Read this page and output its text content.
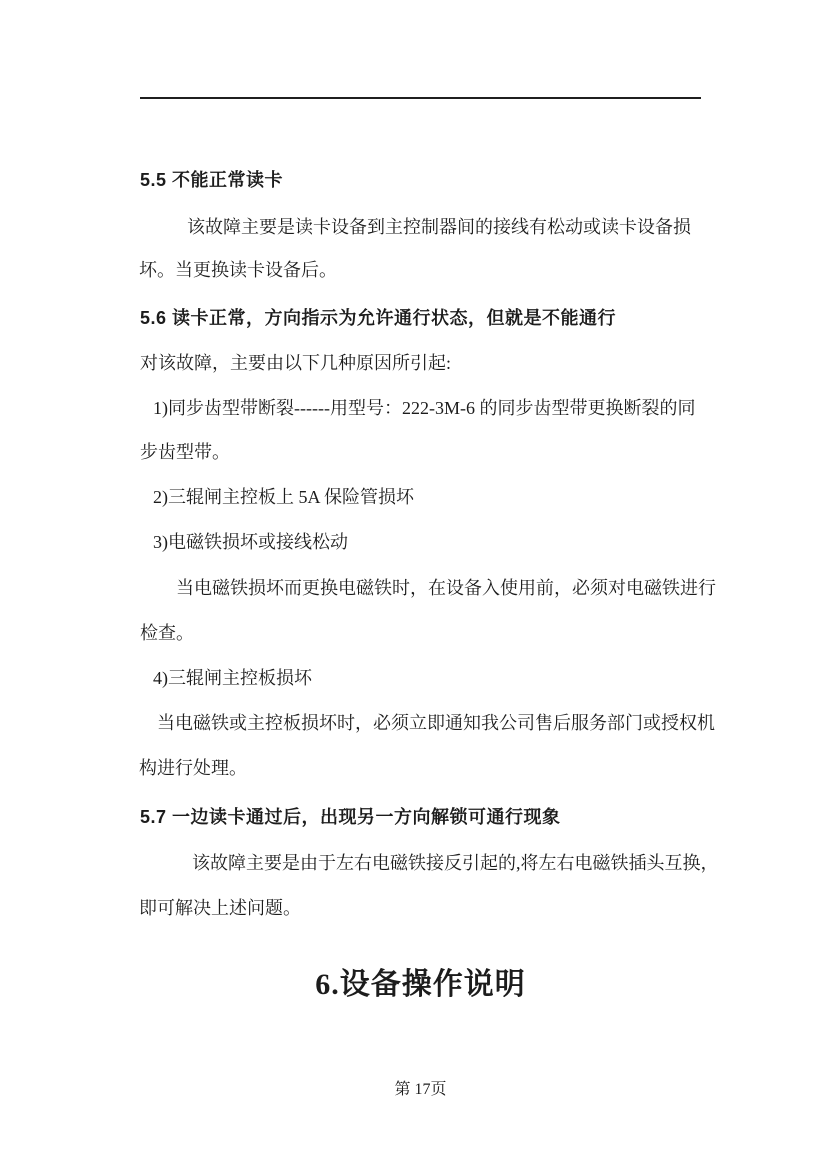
5.5 不能正常读卡
该故障主要是读卡设备到主控制器间的接线有松动或读卡设备损
坏。当更换读卡设备后。
5.6 读卡正常，方向指示为允许通行状态，但就是不能通行
对该故障，主要由以下几种原因所引起:
1)同步齿型带断裂------用型号：222-3M-6 的同步齿型带更换断裂的同
步齿型带。
2)三辊闸主控板上 5A 保险管损坏
3)电磁铁损坏或接线松动
当电磁铁损坏而更换电磁铁时，在设备入使用前，必须对电磁铁进行
检查。
4)三辊闸主控板损坏
当电磁铁或主控板损坏时，必须立即通知我公司售后服务部门或授权机
构进行处理。
5.7 一边读卡通过后，出现另一方向解锁可通行现象
该故障主要是由于左右电磁铁接反引起的,将左右电磁铁插头互换，
即可解决上述问题。
6.设备操作说明
第 17页
